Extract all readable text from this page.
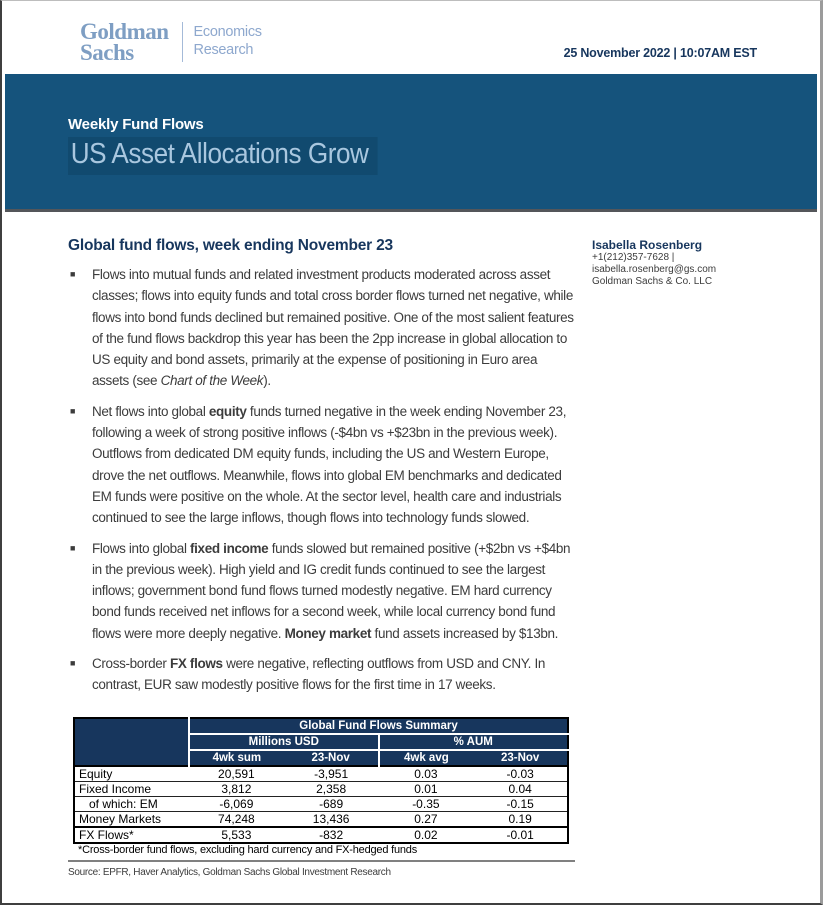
Goldman
Sachs
Economics
Research	25 November 2022 | 10:07AM EST
Weekly Fund Flows
US Asset Allocations Grow
Global fund flows, week ending November 23
■	Flows into mutual funds and related investment products moderated across asset classes; flows into equity funds and total cross border flows turned net negative, while flows into bond funds declined but remained positive. One of the most salient features of the fund flows backdrop this year has been the 2pp increase in global allocation to US equity and bond assets, primarily at the expense of positioning in Euro area assets (see Chart of the Week).
■	Net flows into global equity funds turned negative in the week ending November 23, following a week of strong positive inflows (-$4bn vs +$23bn in the previous week). Outflows from dedicated DM equity funds, including the US and Western Europe, drove the net outflows. Meanwhile, flows into global EM benchmarks and dedicated EM funds were positive on the whole. At the sector level, health care and industrials continued to see the large inflows, though flows into technology funds slowed.
■	Flows into global fixed income funds slowed but remained positive (+$2bn vs +$4bn in the previous week). High yield and IG credit funds continued to see the largest inflows; government bond fund flows turned modestly negative. EM hard currency bond funds received net inflows for a second week, while local currency bond fund flows were more deeply negative. Money market fund assets increased by $13bn.
■	Cross-border FX flows were negative, reflecting outflows from USD and CNY. In contrast, EUR saw modestly positive flows for the first time in 17 weeks.
Isabella Rosenberg
+1(212)357-7628 |
isabella.rosenberg@gs.com
Goldman Sachs & Co. LLC
	Global Fund Flows Summary			
	Millions USD		% AUM	
	4wk sum	23-Nov	4wk avg	23-Nov
Equity	20,591	-3,951	0.03	-0.03
Fixed Income	3,812	2,358	0.01	0.04
of which: EM	-6,069	-689	-0.35	-0.15
Money Markets	74,248	13,436	0.27	0.19
FX Flows*	5,533	-832	0.02	-0.01
*Cross-border fund flows, excluding hard currency and FX-hedged funds
Source: EPFR, Haver Analytics, Goldman Sachs Global Investment Research
